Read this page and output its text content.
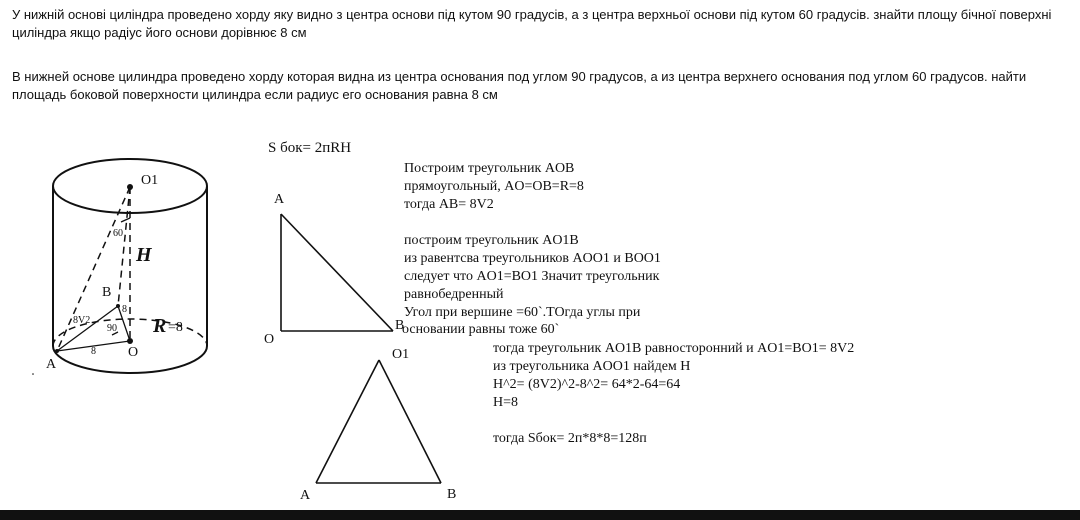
У нижній основі циліндра проведено хорду яку видно з центра основи під кутом 90 градусів, а з центра верхньої основи під кутом 60 градусів. знайти площу бічної поверхні циліндра якщо радіус його основи дорівнює 8 см

В нижней основе цилиндра проведено хорду которая видна из центра основания под углом 90 градусов, а из центра верхнего основания под углом 60 градусов. найти площадь боковой поверхности цилиндра если радиус его основания равна 8 см

S бок= 2пRH
Построим треугольник AOB
прямоугольный, AO=OB=R=8
тогда AB= 8V2
построим треугольник AO1B
из равентсва треугольников AOO1 и BOO1
следует что AO1=BO1 Значит треугольник
равнобедренный
Угол при вершине =60`.TOгда углы при
основании равны тоже 60`
тогда треугольник AO1B равносторонний и AO1=BO1= 8V2
из треугольника AOO1 найдем H
H^2= (8V2)^2-8^2= 64*2-64=64
H=8
тогда Sбок= 2п*8*8=128п
O1
H
60
B
8V2
8
90 R =8
8 O
A
A
O
B
O1
A	B
